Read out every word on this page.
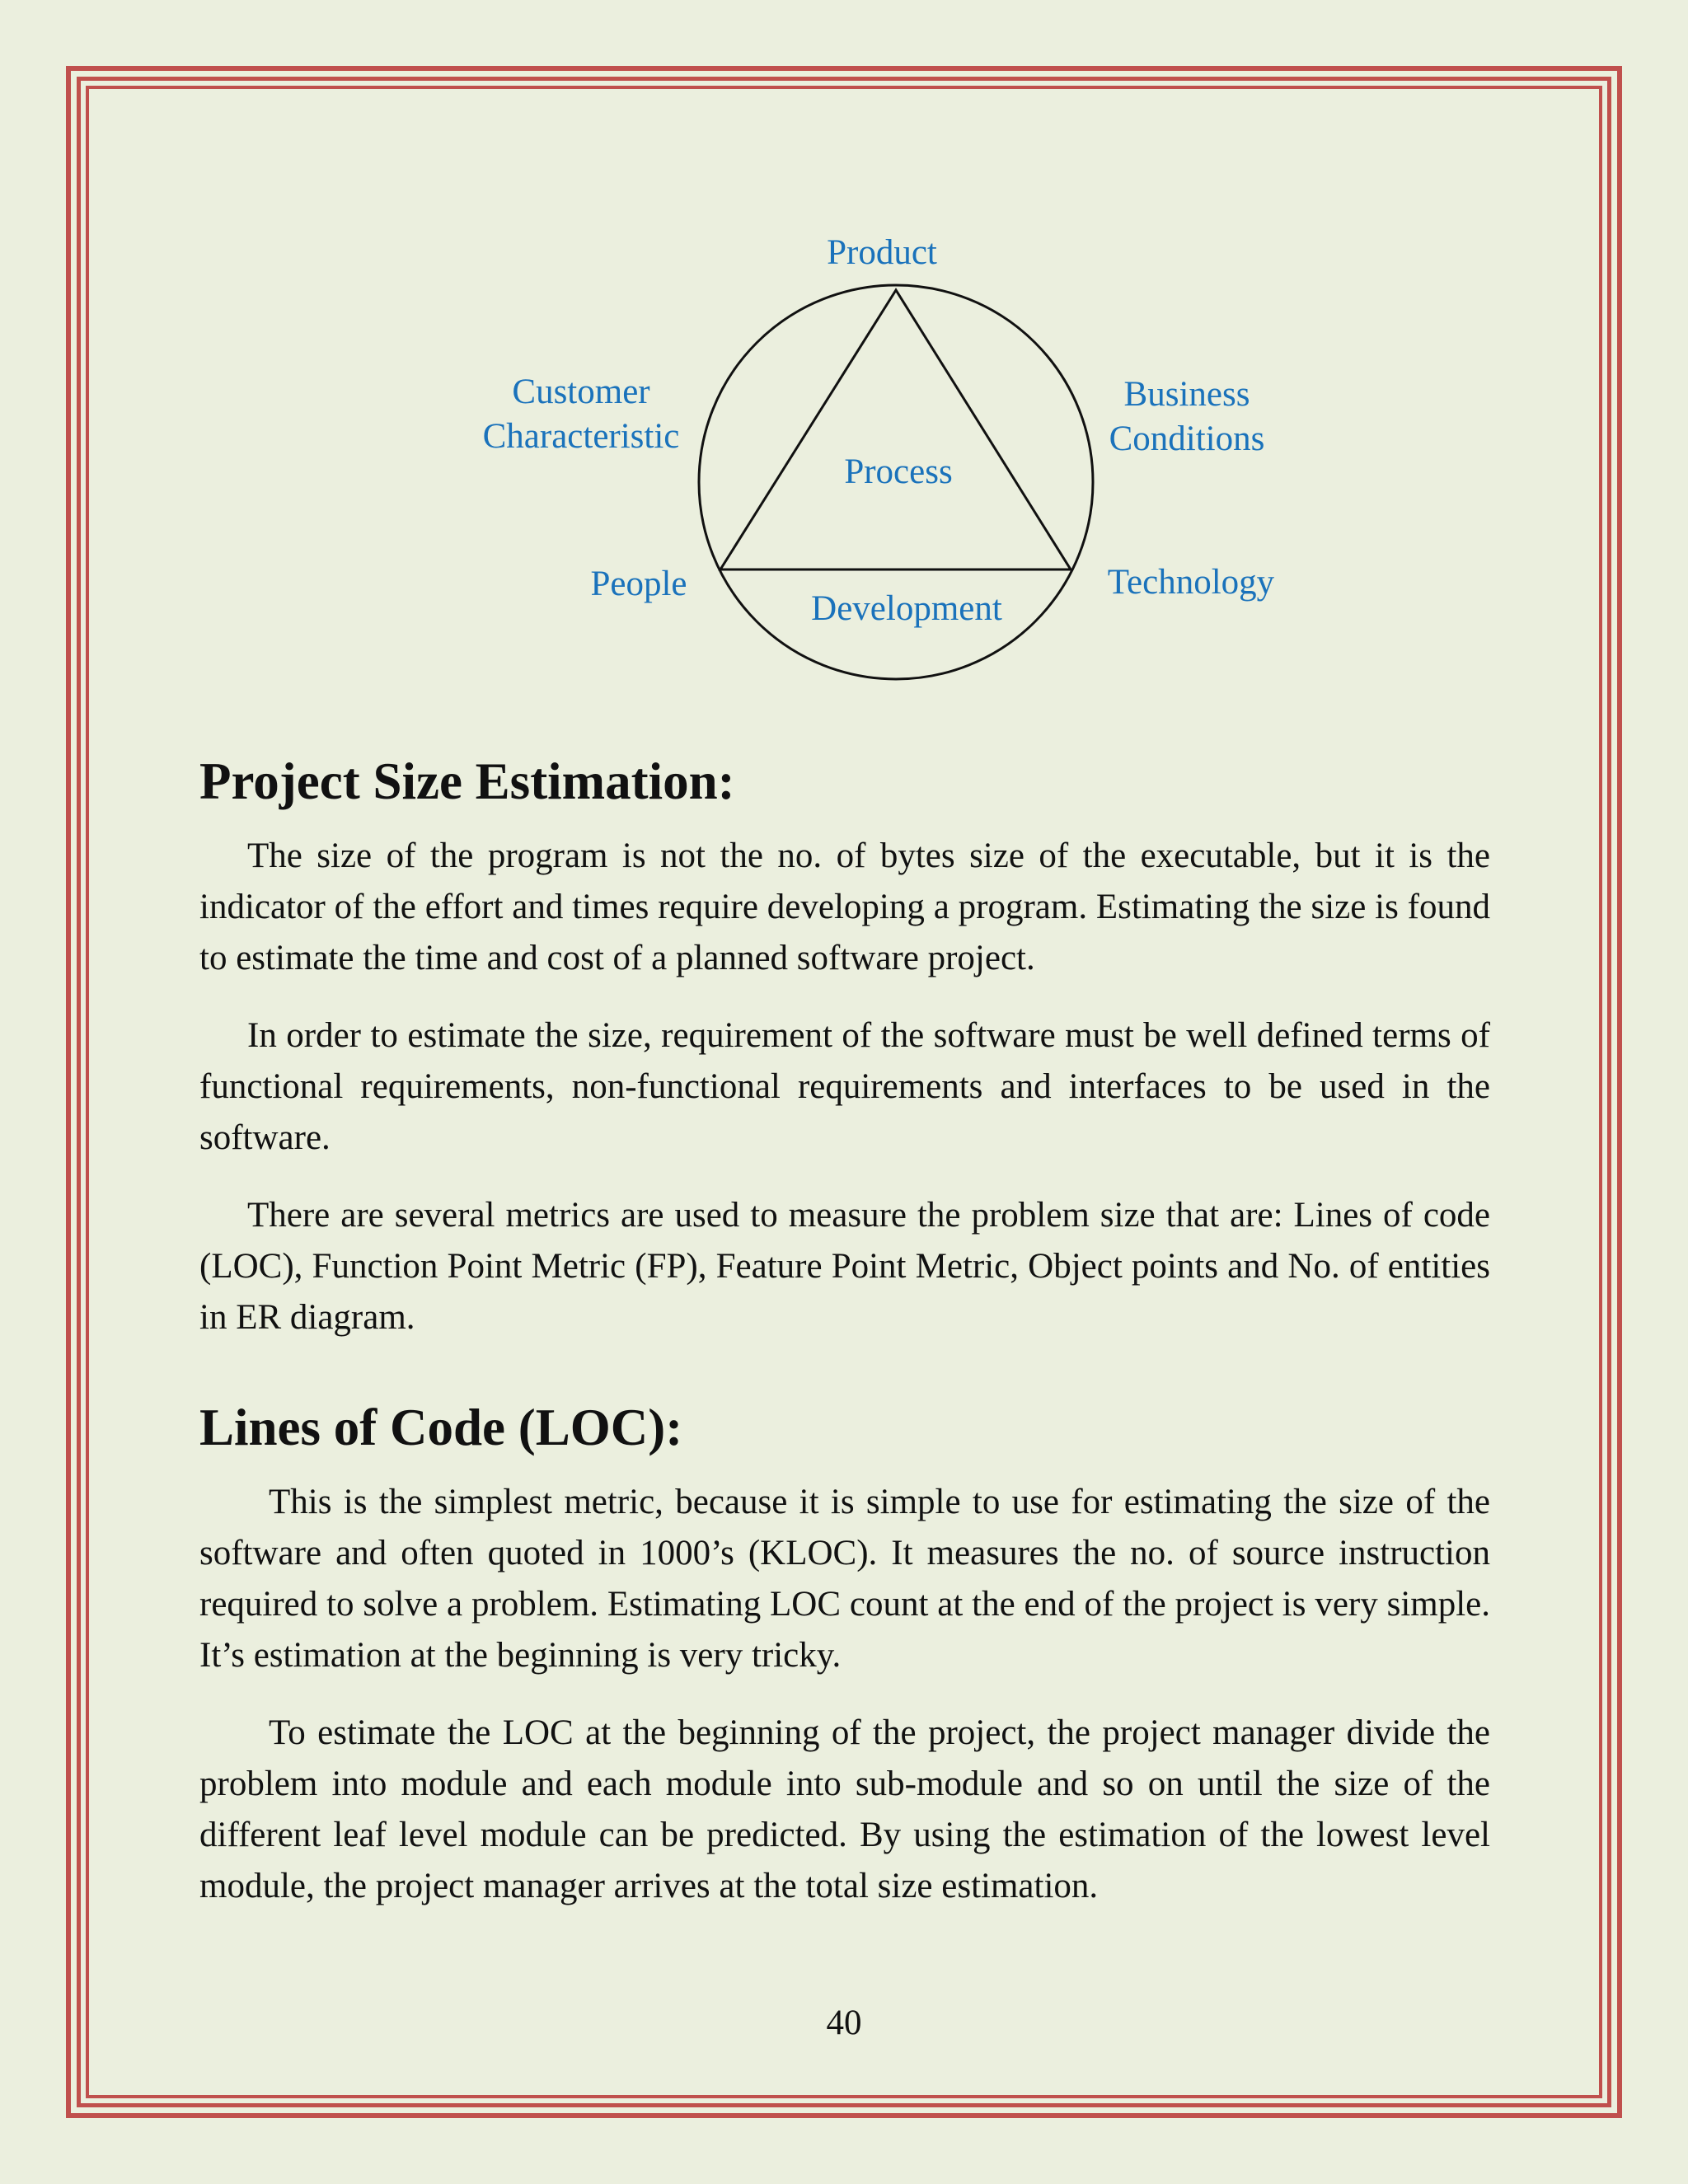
Product
Customer
Characteristic
Business
Conditions
Process
People	Technology
Development
Project Size Estimation:

The size of the program is not the no. of bytes size of the executable, but it is the indicator of the effort and times require developing a program. Estimating the size is found to estimate the time and cost of a planned software project.

In order to estimate the size, requirement of the software must be well defined terms of functional requirements, non-functional requirements and interfaces to be used in the software.

There are several metrics are used to measure the problem size that are: Lines of code (LOC), Function Point Metric (FP), Feature Point Metric, Object points and No. of entities in ER diagram.

Lines of Code (LOC):

This is the simplest metric, because it is simple to use for estimating the size of the software and often quoted in 1000’s (KLOC). It measures the no. of source instruction required to solve a problem. Estimating LOC count at the end of the project is very simple. It’s estimation at the beginning is very tricky.

To estimate the LOC at the beginning of the project, the project manager divide the problem into module and each module into sub-module and so on until the size of the different leaf level module can be predicted. By using the estimation of the lowest level module, the project manager arrives at the total size estimation.

40
